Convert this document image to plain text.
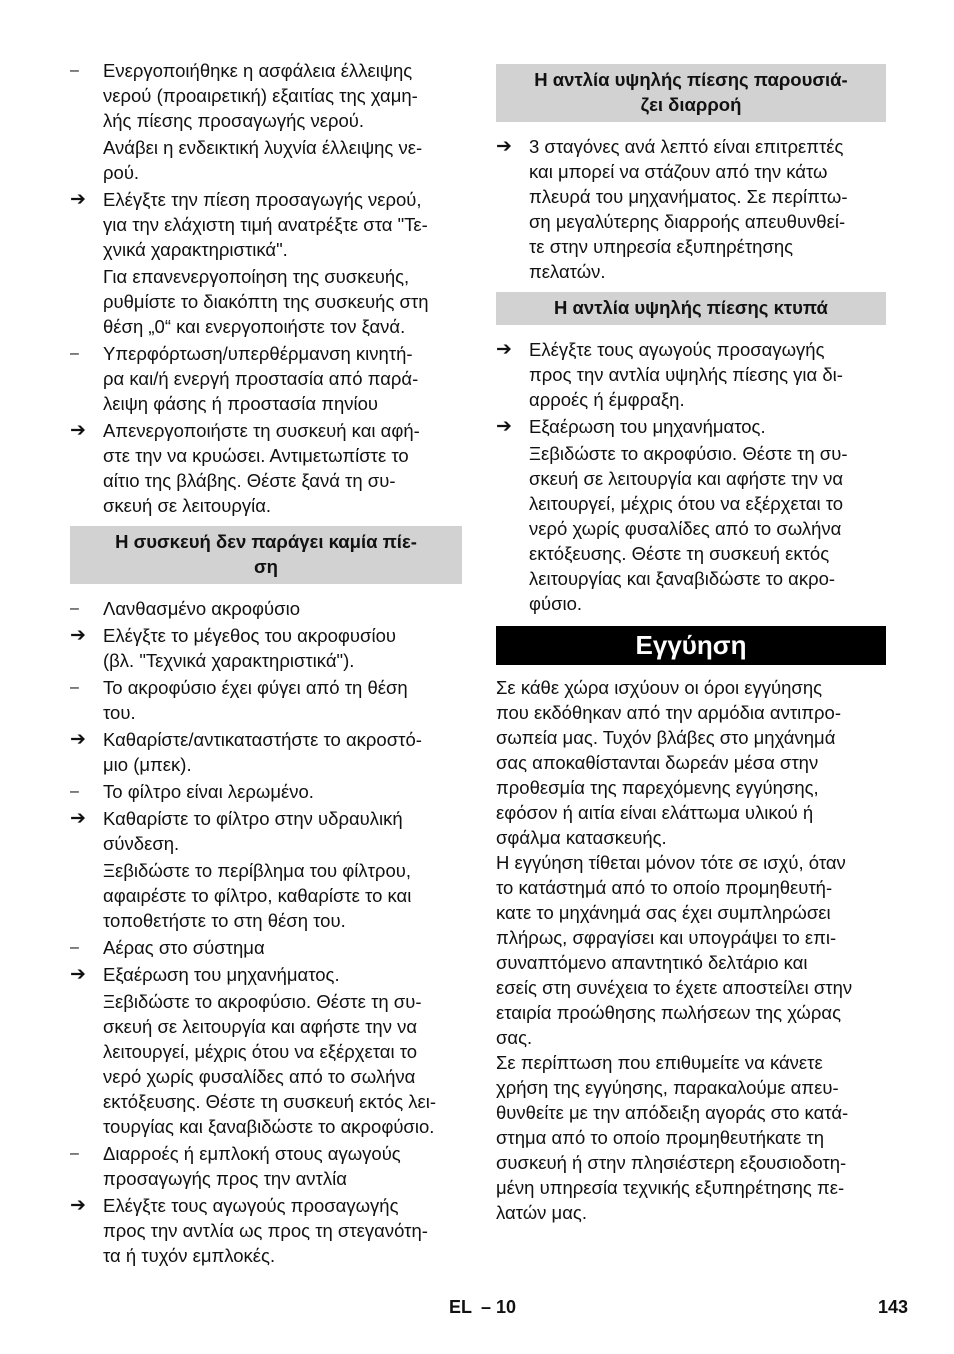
–	Ενεργοποιήθηκε η ασφάλεια έλλειψης
νερού (προαιρετική) εξαιτίας της χαμη-
λής πίεσης προσαγωγής νερού.
Ανάβει η ενδεικτική λυχνία έλλειψης νε-
ρού.
➔ Ελέγξτε την πίεση προσαγωγής νερού,
για την ελάχιστη τιμή ανατρέξτε στα "Τε-
χνικά χαρακτηριστικά".
Για επανενεργοποίηση της συσκευής,
ρυθμίστε το διακόπτη της συσκευής στη
θέση „0“ και ενεργοποιήστε τον ξανά.
–	Υπερφόρτωση/υπερθέρμανση κινητή-
ρα και/ή ενεργή προστασία από παρά-
λειψη φάσης ή προστασία πηνίου
➔ Απενεργοποιήστε τη συσκευή και αφή-
στε την να κρυώσει. Αντιμετωπίστε το
αίτιο της βλάβης. Θέστε ξανά τη συ-
σκευή σε λειτουργία.
Η συσκευή δεν παράγει καμία πίε-
ση
–	Λανθασμένο ακροφύσιο
➔ Ελέγξτε το μέγεθος του ακροφυσίου
(βλ. "Τεχνικά χαρακτηριστικά").
–	Το ακροφύσιο έχει φύγει από τη θέση
του.
➔ Καθαρίστε/αντικαταστήστε το ακροστό-
μιο (μπεκ).
–	Το φίλτρο είναι λερωμένο.
➔ Καθαρίστε το φίλτρο στην υδραυλική
σύνδεση.
Ξεβιδώστε το περίβλημα του φίλτρου,
αφαιρέστε το φίλτρο, καθαρίστε το και
τοποθετήστε το στη θέση του.
–	Αέρας στο σύστημα
➔ Εξαέρωση του μηχανήματος.
Ξεβιδώστε το ακροφύσιο. Θέστε τη συ-
σκευή σε λειτουργία και αφήστε την να
λειτουργεί, μέχρις ότου να εξέρχεται το
νερό χωρίς φυσαλίδες από το σωλήνα
εκτόξευσης. Θέστε τη συσκευή εκτός λει-
τουργίας και ξαναβιδώστε το ακροφύσιο.
–	Διαρροές ή εμπλοκή στους αγωγούς
προσαγωγής προς την αντλία
➔ Ελέγξτε τους αγωγούς προσαγωγής
προς την αντλία ως προς τη στεγανότη-
τα ή τυχόν εμπλοκές.
Η αντλία υψηλής πίεσης παρουσιά-
ζει διαρροή
➔ 3 σταγόνες ανά λεπτό είναι επιτρεπτές
και μπορεί να στάζουν από την κάτω
πλευρά του μηχανήματος. Σε περίπτω-
ση μεγαλύτερης διαρροής απευθυνθεί-
τε στην υπηρεσία εξυπηρέτησης
πελατών.
Η αντλία υψηλής πίεσης κτυπά
➔ Ελέγξτε τους αγωγούς προσαγωγής
προς την αντλία υψηλής πίεσης για δι-
αρροές ή έμφραξη.
➔ Εξαέρωση του μηχανήματος.
Ξεβιδώστε το ακροφύσιο. Θέστε τη συ-
σκευή σε λειτουργία και αφήστε την να
λειτουργεί, μέχρις ότου να εξέρχεται το
νερό χωρίς φυσαλίδες από το σωλήνα
εκτόξευσης. Θέστε τη συσκευή εκτός
λειτουργίας και ξαναβιδώστε το ακρο-
φύσιο.
Εγγύηση
Σε κάθε χώρα ισχύουν οι όροι εγγύησης
που εκδόθηκαν από την αρμόδια αντιπρο-
σωπεία μας. Τυχόν βλάβες στο μηχάνημά
σας αποκαθίστανται δωρεάν μέσα στην
προθεσμία της παρεχόμενης εγγύησης,
εφόσον ή αιτία είναι ελάττωμα υλικού ή
σφάλμα κατασκευής.
Η εγγύηση τίθεται μόνον τότε σε ισχύ, όταν
το κατάστημά από το οποίο προμηθευτή-
κατε το μηχάνημά σας έχει συμπληρώσει
πλήρως, σφραγίσει και υπογράψει το επι-
συναπτόμενο απαντητικό δελτάριο και
εσείς στη συνέχεια το έχετε αποστείλει στην
εταιρία προώθησης πωλήσεων της χώρας
σας.
Σε περίπτωση που επιθυμείτε να κάνετε
χρήση της εγγύησης, παρακαλούμε απευ-
θυνθείτε με την απόδειξη αγοράς στο κατά-
στημα από το οποίο προμηθευτήκατε τη
συσκευή ή στην πλησιέστερη εξουσιοδοτη-
μένη υπηρεσία τεχνικής εξυπηρέτησης πε-
λατών μας.
EL – 10	143
